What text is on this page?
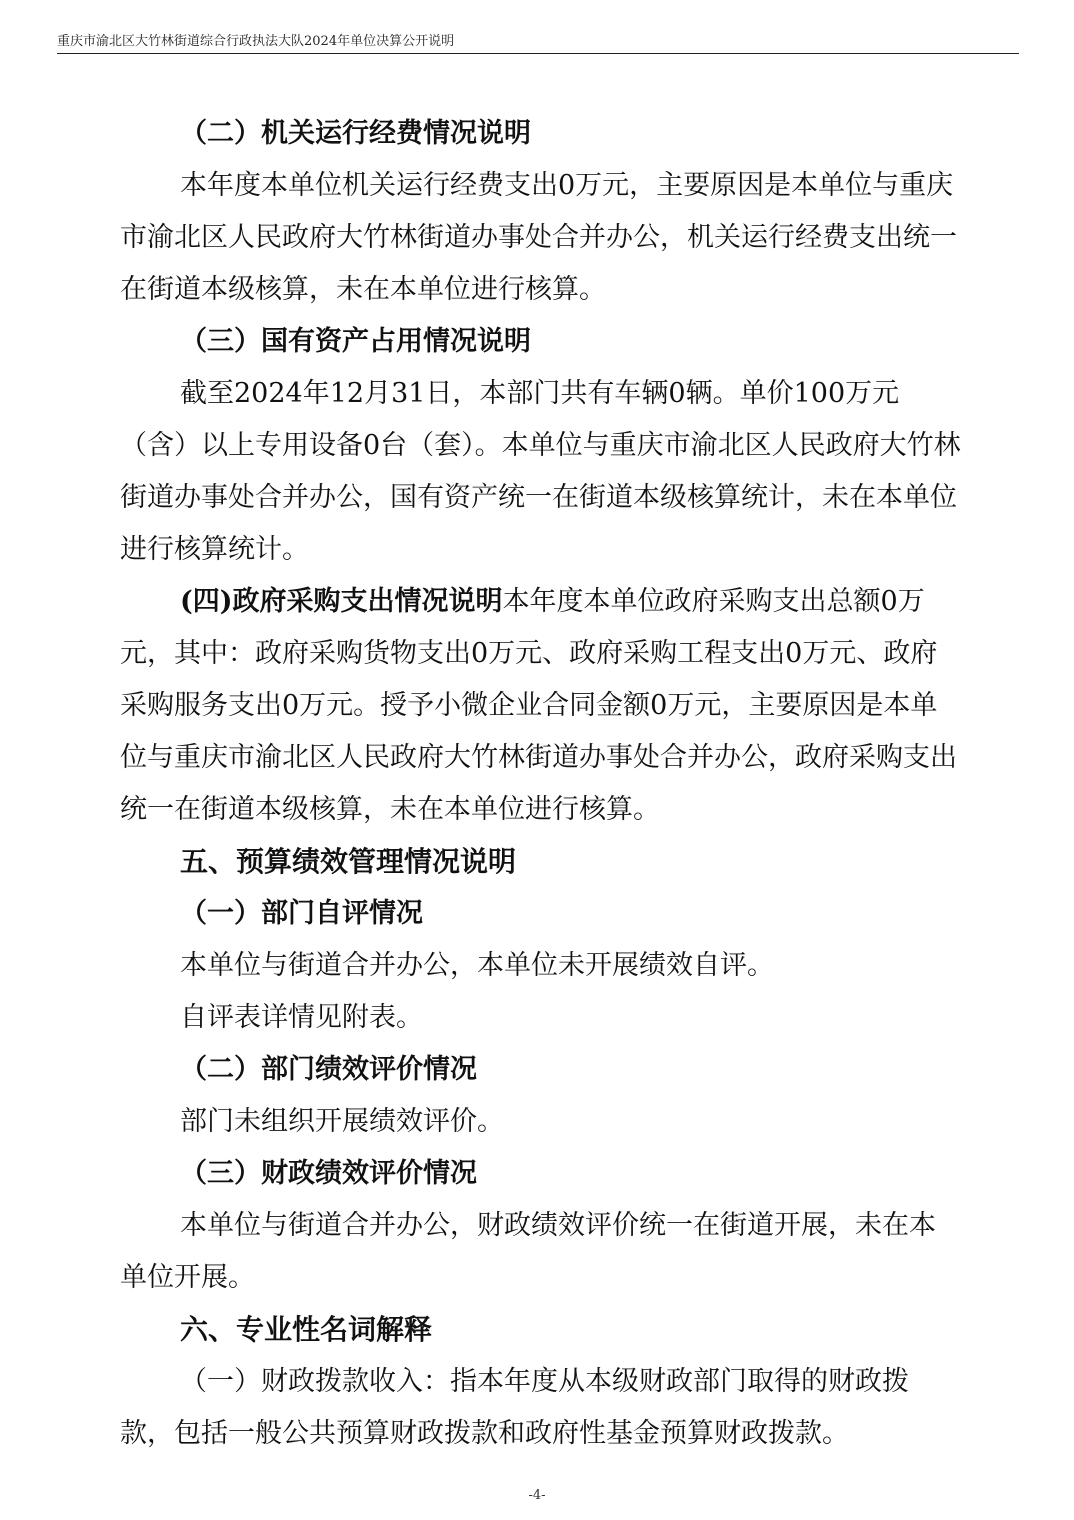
重庆市渝北区大竹林街道综合行政执法大队2024年单位决算公开说明

（二）机关运行经费情况说明

本年度本单位机关运行经费支出0万元，主要原因是本单位与重庆市渝北区人民政府大竹林街道办事处合并办公，机关运行经费支出统一在街道本级核算，未在本单位进行核算。

（三）国有资产占用情况说明

截至2024年12月31日，本部门共有车辆0辆。单价100万元（含）以上专用设备0台（套）。本单位与重庆市渝北区人民政府大竹林街道办事处合并办公，国有资产统一在街道本级核算统计，未在本单位进行核算统计。

(四)政府采购支出情况说明本年度本单位政府采购支出总额0万元，其中：政府采购货物支出0万元、政府采购工程支出0万元、政府采购服务支出0万元。授予小微企业合同金额0万元，主要原因是本单位与重庆市渝北区人民政府大竹林街道办事处合并办公，政府采购支出统一在街道本级核算，未在本单位进行核算。

五、预算绩效管理情况说明

（一）部门自评情况

本单位与街道合并办公，本单位未开展绩效自评。

自评表详情见附表。

（二）部门绩效评价情况

部门未组织开展绩效评价。

（三）财政绩效评价情况

本单位与街道合并办公，财政绩效评价统一在街道开展，未在本单位开展。

六、专业性名词解释

（一）财政拨款收入：指本年度从本级财政部门取得的财政拨款，包括一般公共预算财政拨款和政府性基金预算财政拨款。

-4-
